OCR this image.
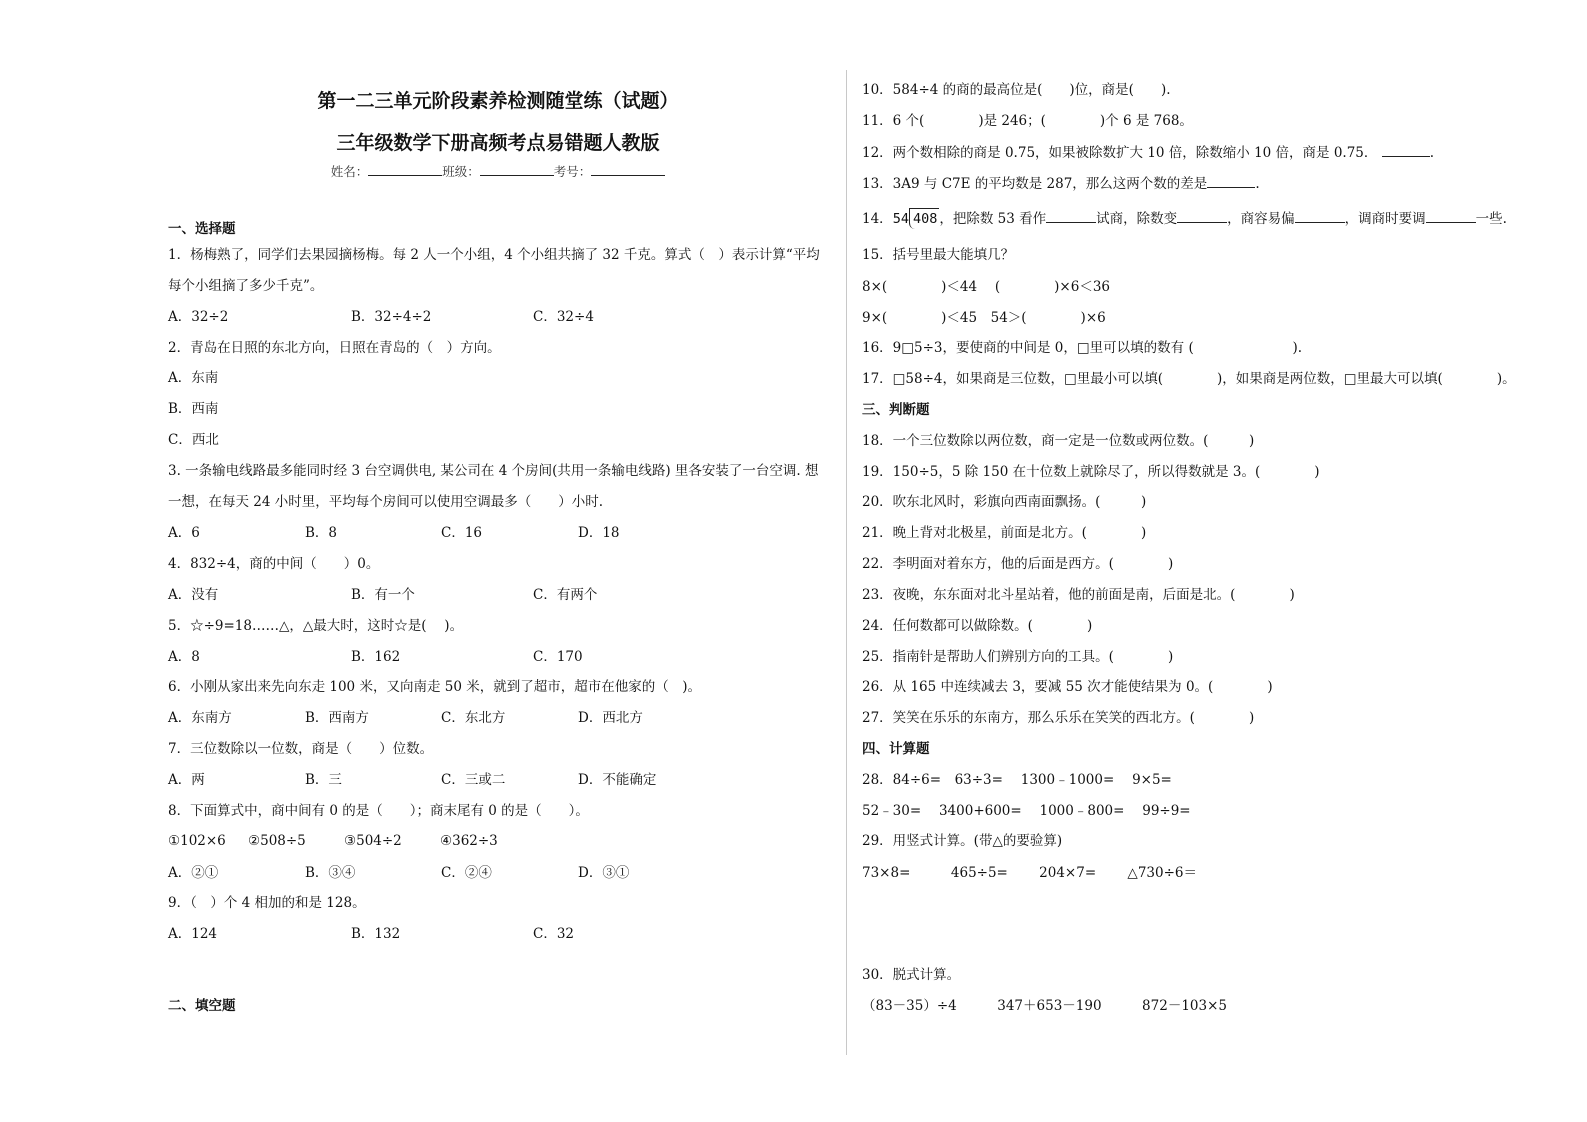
第一二三单元阶段素养检测随堂练（试题）
三年级数学下册高频考点易错题人教版
姓名：	班级：	考号：
一、选择题
1．杨梅熟了，同学们去果园摘杨梅。每 2 人一个小组，4 个小组共摘了 32 千克。算式（　）表示计算“平均
每个小组摘了多少千克”。
A．32÷2	B．32÷4÷2	C．32÷4
2．青岛在日照的东北方向，日照在青岛的（　）方向。
A．东南
B．西南
C．西北
3. 一条输电线路最多能同时经 3 台空调供电, 某公司在 4 个房间(共用一条输电线路) 里各安装了一台空调. 想
一想，在每天 24 小时里，平均每个房间可以使用空调最多（　　）小时.
A．6	B．8	C．16	D．18
4．832÷4，商的中间（　　）0。
A．没有	B．有一个	C．有两个
5．☆÷9=18……△，△最大时，这时☆是(　 )。
A．8	B．162	C．170
6．小刚从家出来先向东走 100 米，又向南走 50 米，就到了超市，超市在他家的（　)。
A．东南方	B．西南方	C．东北方	D．西北方
7．三位数除以一位数，商是（　　）位数。
A．两	B．三	C．三或二	D．不能确定
8．下面算式中，商中间有 0 的是（　　）；商末尾有 0 的是（　　）。
①102×6 ②508÷5	③504÷2	④362÷3
A．②①	B．③④	C．②④	D．③①
9．（　）个 4 相加的和是 128。
A．124	B．132	C．32
二、填空题
10．584÷4 的商的最高位是(　　)位，商是(　　).
11．6 个(　　　　)是 246；(　　　　)个 6 是 768。
12．两个数相除的商是 0.75，如果被除数扩大 10 倍，除数缩小 10 倍，商是 0.75．	.
13．3A9 与 C7E 的平均数是 287，那么这两个数的差是	.
14．54 408 ，把除数 53 看作	试商，除数变	，商容易偏	，调商时要调	一些.
15．括号里最大能填几？
8×(　　　　)＜44　 (　　　　)×6＜36
9×(　　　　)＜45　54＞(　　　　)×6
16．9□5÷3，要使商的中间是 0，□里可以填的数有 (　　　　　　　 ).
17．□58÷4，如果商是三位数，□里最小可以填(　　　　)，如果商是两位数，□里最大可以填(　　　　)。
三、判断题
18．一个三位数除以两位数，商一定是一位数或两位数。(　　　)
19．150÷5，5 除 150 在十位数上就除尽了，所以得数就是 3。(　　　　)
20．吹东北风时，彩旗向西南面飘扬。(　　　)
21．晚上背对北极星，前面是北方。(　　　　)
22．李明面对着东方，他的后面是西方。(　　　　)
23．夜晚，东东面对北斗星站着，他的前面是南，后面是北。(　　　　)
24．任何数都可以做除数。(　　　　)
25．指南针是帮助人们辨别方向的工具。(　　　　)
26．从 165 中连续减去 3，要减 55 次才能使结果为 0。(　　　　)
27．笑笑在乐乐的东南方，那么乐乐在笑笑的西北方。(　　　　)
四、计算题
28．84÷6=　63÷3=　 1300﹣1000=　 9×5=
52﹣30=　 3400+600=　 1000﹣800=　 99÷9=
29．用竖式计算。(带△的要验算)
73×8=　　　465÷5=　　 204×7=　　 △730÷6＝
30．脱式计算。
（83－35）÷4　　　347＋653－190　　　872－103×5
